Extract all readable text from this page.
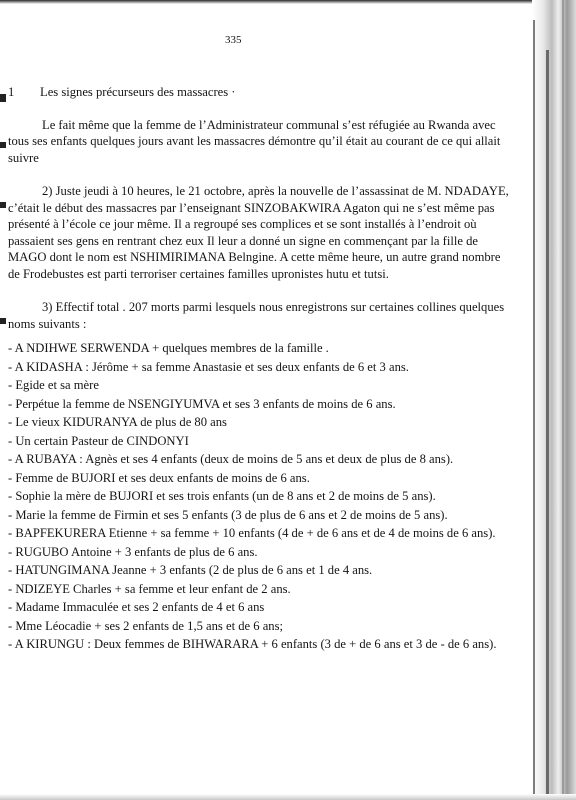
335

1 Les signes précurseurs des massacres ·

Le fait même que la femme de l’Administrateur communal s’est réfugiée au Rwanda avec tous ses enfants quelques jours avant les massacres démontre qu’il était au courant de ce qui allait suivre

2) Juste jeudi à 10 heures, le 21 octobre, après la nouvelle de l’assassinat de M. NDADAYE, c’était le début des massacres par l’enseignant SINZOBAKWIRA Agaton qui ne s’est même pas présenté à l’école ce jour même. Il a regroupé ses complices et se sont installés à l’endroit où passaient ses gens en rentrant chez eux Il leur a donné un signe en commençant par la fille de MAGO dont le nom est NSHIMIRIMANA Belngine. A cette même heure, un autre grand nombre de Frodebustes est parti terroriser certaines familles upronistes hutu et tutsi.

3) Effectif total . 207 morts parmi lesquels nous enregistrons sur certaines collines quelques noms suivants :

- A NDIHWE SERWENDA + quelques membres de la famille .
- A KIDASHA : Jérôme + sa femme Anastasie et ses deux enfants de 6 et 3 ans.
- Egide et sa mère
- Perpétue la femme de NSENGIYUMVA et ses 3 enfants de moins de 6 ans.
- Le vieux KIDURANYA de plus de 80 ans
- Un certain Pasteur de CINDONYI
- A RUBAYA : Agnès et ses 4 enfants (deux de moins de 5 ans et deux de plus de 8 ans).
- Femme de BUJORI et ses deux enfants de moins de 6 ans.
- Sophie la mère de BUJORI et ses trois enfants (un de 8 ans et 2 de moins de 5 ans).
- Marie la femme de Firmin et ses 5 enfants (3 de plus de 6 ans et 2 de moins de 5 ans).
- BAPFEKURERA Etienne + sa femme + 10 enfants (4 de + de 6 ans et de 4 de moins de 6 ans).
- RUGUBO Antoine + 3 enfants de plus de 6 ans.
- HATUNGIMANA Jeanne + 3 enfants (2 de plus de 6 ans et 1 de 4 ans.
- NDIZEYE Charles + sa femme et leur enfant de 2 ans.
- Madame Immaculée et ses 2 enfants de 4 et 6 ans
- Mme Léocadie + ses 2 enfants de 1,5 ans et de 6 ans;
- A KIRUNGU : Deux femmes de BIHWARARA + 6 enfants (3 de + de 6 ans et 3 de - de 6 ans).
